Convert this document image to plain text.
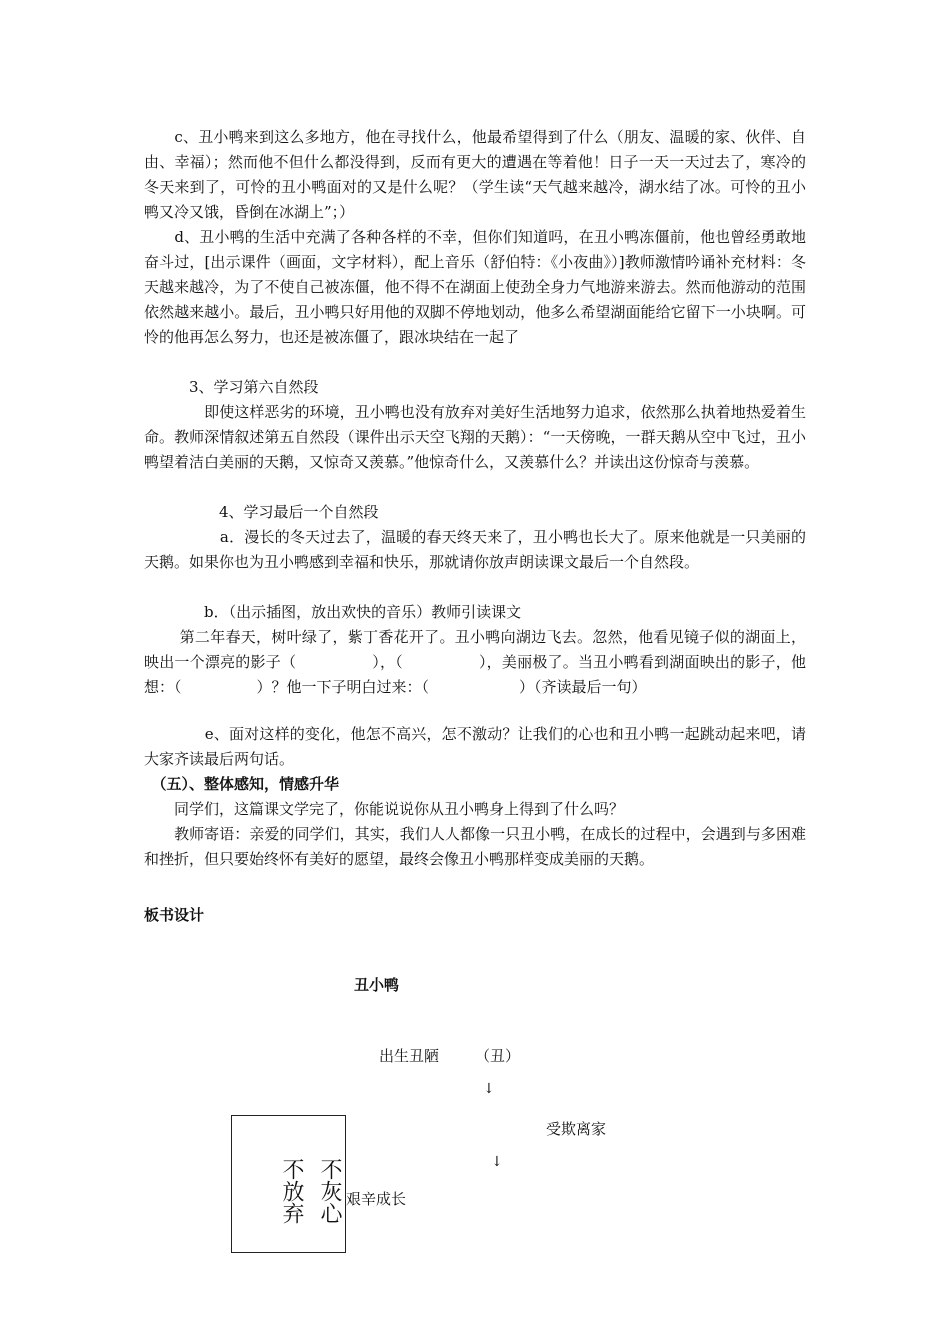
　　c、丑小鸭来到这么多地方，他在寻找什么，他最希望得到了什么（朋友、温暖的家、伙伴、自由、幸福）；然而他不但什么都没得到，反而有更大的遭遇在等着他！日子一天一天过去了，寒冷的冬天来到了，可怜的丑小鸭面对的又是什么呢？（学生读“天气越来越冷，湖水结了冰。可怜的丑小鸭又冷又饿，昏倒在冰湖上”；）

　　d、丑小鸭的生活中充满了各种各样的不幸，但你们知道吗，在丑小鸭冻僵前，他也曾经勇敢地奋斗过，[出示课件（画面，文字材料），配上音乐（舒伯特：《小夜曲》）]教师激情吟诵补充材料：冬天越来越冷，为了不使自己被冻僵，他不得不在湖面上使劲全身力气地游来游去。然而他游动的范围依然越来越小。最后，丑小鸭只好用他的双脚不停地划动，他多么希望湖面能给它留下一小块啊。可怜的他再怎么努力，也还是被冻僵了，跟冰块结在一起了

　　　3、学习第六自然段

　　　　即使这样恶劣的环境，丑小鸭也没有放弃对美好生活地努力追求，依然那么执着地热爱着生命。教师深情叙述第五自然段（课件出示天空飞翔的天鹅）：“一天傍晚，一群天鹅从空中飞过，丑小鸭望着洁白美丽的天鹅，又惊奇又羡慕。”他惊奇什么，又羡慕什么？并读出这份惊奇与羡慕。

　　　　　4、学习最后一个自然段

　　　　　a．漫长的冬天过去了，温暖的春天终天来了，丑小鸭也长大了。原来他就是一只美丽的天鹅。如果你也为丑小鸭感到幸福和快乐，那就请你放声朗读课文最后一个自然段。

　　　　b．（出示插图，放出欢快的音乐）教师引读课文

　　 第二年春天，树叶绿了，紫丁香花开了。丑小鸭向湖边飞去。忽然，他看见镜子似的湖面上，映出一个漂亮的影子（　　　　　），（　　　　　），美丽极了。当丑小鸭看到湖面映出的影子，他想：（　　　　　）？他一下子明白过来：（　　　　　　）（齐读最后一句）

　　　　e、面对这样的变化，他怎不高兴，怎不激动？让我们的心也和丑小鸭一起跳动起来吧，请大家齐读最后两句话。

　（五）、整体感知，情感升华

　　同学们，这篇课文学完了，你能说说你从丑小鸭身上得到了什么吗？

　　教师寄语：亲爱的同学们，其实，我们人人都像一只丑小鸭，在成长的过程中，会遇到与多困难和挫折，但只要始终怀有美好的愿望，最终会像丑小鸭那样变成美丽的天鹅。

板书设计

丑小鸭

出生丑陋 （丑）

↓

受欺离家

↓

艰辛成长

不灰心
不放弃
